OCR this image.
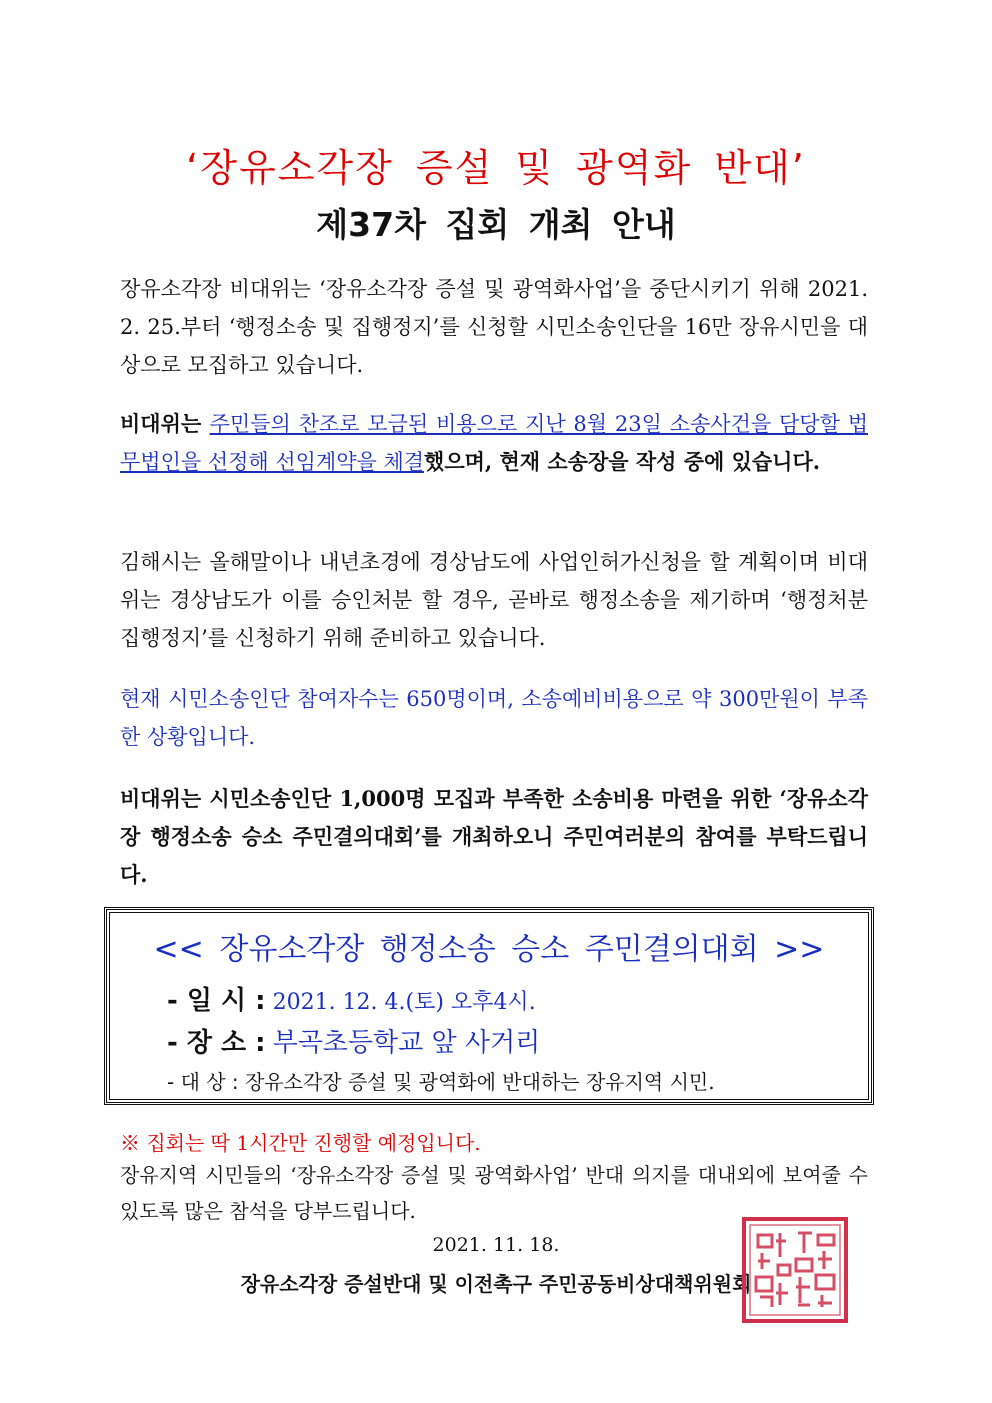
‘장유소각장 증설 및 광역화 반대’
제37차 집회 개최 안내
장유소각장 비대위는 ‘장유소각장 증설 및 광역화사업’을 중단시키기 위해 2021. 2. 25.부터 ‘행정소송 및 집행정지’를 신청할 시민소송인단을 16만 장유시민을 대상으로 모집하고 있습니다.
비대위는 주민들의 찬조로 모금된 비용으로 지난 8월 23일 소송사건을 담당할 법무법인을 선정해 선임계약을 체결했으며, 현재 소송장을 작성 중에 있습니다.
김해시는 올해말이나 내년초경에 경상남도에 사업인허가신청을 할 계획이며 비대위는 경상남도가 이를 승인처분 할 경우, 곧바로 행정소송을 제기하며 ‘행정처분 집행정지’를 신청하기 위해 준비하고 있습니다.
현재 시민소송인단 참여자수는 650명이며, 소송예비비용으로 약 300만원이 부족한 상황입니다.
비대위는 시민소송인단 1,000명 모집과 부족한 소송비용 마련을 위한 ‘장유소각장 행정소송 승소 주민결의대회’를 개최하오니 주민여러분의 참여를 부탁드립니다.
<< 장유소각장 행정소송 승소 주민결의대회 >>
- 일 시 : 2021. 12. 4.(토) 오후4시.
- 장 소 : 부곡초등학교 앞 사거리
- 대 상 : 장유소각장 증설 및 광역화에 반대하는 장유지역 시민.
※ 집회는 딱 1시간만 진행할 예정입니다.
장유지역 시민들의 ‘장유소각장 증설 및 광역화사업’ 반대 의지를 대내외에 보여줄 수 있도록 많은 참석을 당부드립니다.
2021. 11. 18.
장유소각장 증설반대 및 이전촉구 주민공동비상대책위원회
